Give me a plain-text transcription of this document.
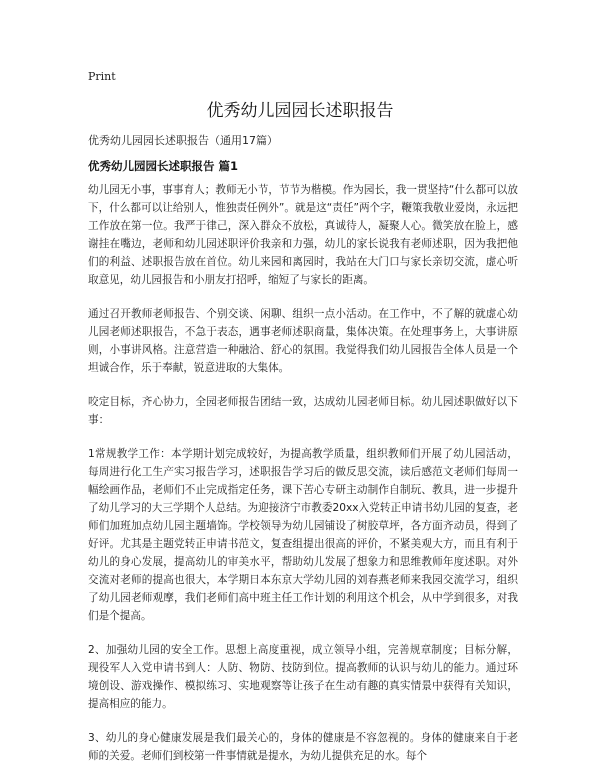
Print
优秀幼儿园园长述职报告

优秀幼儿园园长述职报告（通用17篇）

优秀幼儿园园长述职报告 篇1

幼儿园无小事，事事育人；教师无小节，节节为楷模。作为园长，我一贯坚持“什么都可以放下，什么都可以让给别人，惟独责任例外”。就是这“责任”两个字，鞭策我敬业爱岗，永远把工作放在第一位。我严于律己，深入群众不放松，真诚待人，凝聚人心。微笑放在脸上，感谢挂在嘴边，老师和幼儿园述职评价我亲和力强，幼儿的家长说我有老师述职，因为我把他们的利益、述职报告放在首位。幼儿来园和离园时，我站在大门口与家长亲切交流，虚心听取意见，幼儿园报告和小朋友打招呼，缩短了与家长的距离。

通过召开教师老师报告、个别交谈、闲聊、组织一点小活动。在工作中，不了解的就虚心幼儿园老师述职报告，不急于表态，遇事老师述职商量，集体决策。在处理事务上，大事讲原则，小事讲风格。注意营造一种融洽、舒心的氛围。我觉得我们幼儿园报告全体人员是一个坦诚合作，乐于奉献，锐意进取的大集体。

咬定目标，齐心协力，全园老师报告团结一致，达成幼儿园老师目标。幼儿园述职做好以下事：

1常规教学工作：本学期计划完成较好，为提高教学质量，组织教师们开展了幼儿园活动，每周进行化工生产实习报告学习，述职报告学习后的做反思交流，读后感范文老师们每周一幅绘画作品，老师们不止完成指定任务，课下苦心专研主动制作自制玩、教具，进一步提升了幼儿学习的大三学期个人总结。为迎接济宁市教委20xx入党转正申请书幼儿园的复查，老师们加班加点幼儿园主题墙饰。学校领导为幼儿园铺设了树胶草坪，各方面齐动员，得到了好评。尤其是主题党转正申请书范文，复查组提出很高的评价，不紧美观大方，而且有利于幼儿的身心发展，提高幼儿的审美水平，帮助幼儿发展了想象力和思维教师年度述职。对外交流对老师的提高也很大，本学期日本东京大学幼儿园的刘春燕老师来我园交流学习，组织了幼儿园老师观摩，我们老师们高中班主任工作计划的利用这个机会，从中学到很多，对我们是个提高。

2、加强幼儿园的安全工作。思想上高度重视，成立领导小组，完善规章制度；目标分解，现役军人入党申请书到人：人防、物防、技防到位。提高教师的认识与幼儿的能力。通过环境创设、游戏操作、模拟练习、实地观察等让孩子在生动有趣的真实情景中获得有关知识，提高相应的能力。

3、幼儿的身心健康发展是我们最关心的，身体的健康是不容忽视的。身体的健康来自于老师的关爱。老师们到校第一件事情就是提水，为幼儿提供充足的水。每个
